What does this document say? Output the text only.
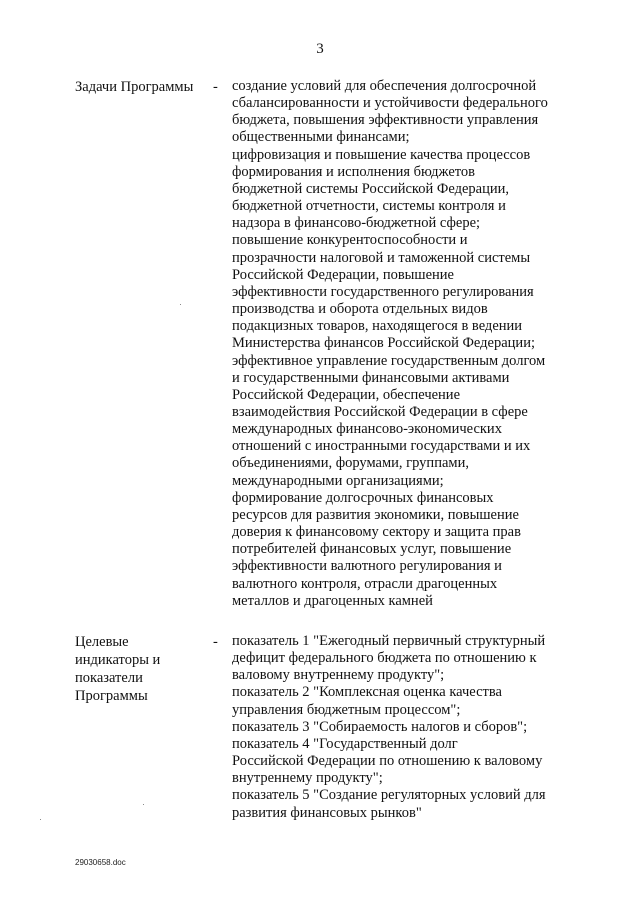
3
Задачи Программы	- создание условий для обеспечения долгосрочной
сбалансированности и устойчивости федерального
бюджета, повышения эффективности управления
общественными финансами;
цифровизация и повышение качества процессов
формирования и исполнения бюджетов
бюджетной системы Российской Федерации,
бюджетной отчетности, системы контроля и
надзора в финансово-бюджетной сфере;
повышение конкурентоспособности и
прозрачности налоговой и таможенной системы
Российской Федерации, повышение
эффективности государственного регулирования
производства и оборота отдельных видов
подакцизных товаров, находящегося в ведении
Министерства финансов Российской Федерации;
эффективное управление государственным долгом
и государственными финансовыми активами
Российской Федерации, обеспечение
взаимодействия Российской Федерации в сфере
международных финансово-экономических
отношений с иностранными государствами и их
объединениями, форумами, группами,
международными организациями;
формирование долгосрочных финансовых
ресурсов для развития экономики, повышение
доверия к финансовому сектору и защита прав
потребителей финансовых услуг, повышение
эффективности валютного регулирования и
валютного контроля, отрасли драгоценных
металлов и драгоценных камней
Целевые
индикаторы и
показатели
Программы
- показатель 1 "Ежегодный первичный структурный
дефицит федерального бюджета по отношению к
валовому внутреннему продукту";
показатель 2 "Комплексная оценка качества
управления бюджетным процессом";
показатель 3 "Собираемость налогов и сборов";
показатель 4 "Государственный долг
Российской Федерации по отношению к валовому
внутреннему продукту";
показатель 5 "Создание регуляторных условий для
развития финансовых рынков"
29030658.doc
